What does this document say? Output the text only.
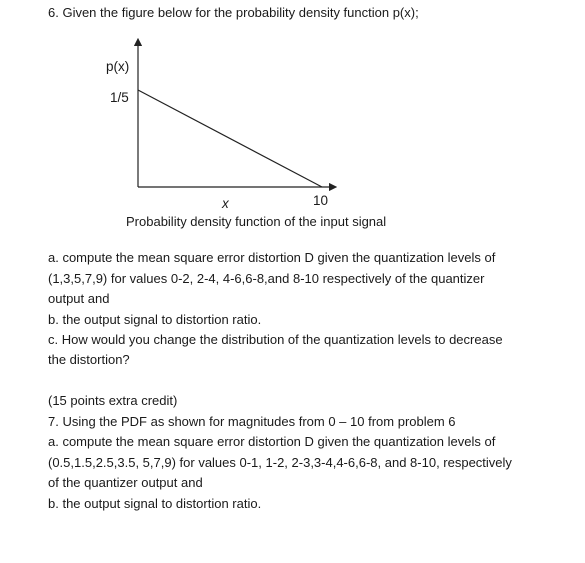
6. Given the figure below for the probability density function p(x);
p(x)
1/5
x	10
Probability density function of the input signal
a. compute the mean square error distortion D given the quantization levels of
(1,3,5,7,9) for values 0-2, 2-4, 4-6,6-8,and 8-10 respectively of the quantizer
output and
b. the output signal to distortion ratio.
c. How would you change the distribution of the quantization levels to decrease
the distortion?
(15 points extra credit)
7. Using the PDF as shown for magnitudes from 0 – 10 from problem 6
a. compute the mean square error distortion D given the quantization levels of
(0.5,1.5,2.5,3.5, 5,7,9) for values 0-1, 1-2, 2-3,3-4,4-6,6-8, and 8-10, respectively
of the quantizer output and
b. the output signal to distortion ratio.
